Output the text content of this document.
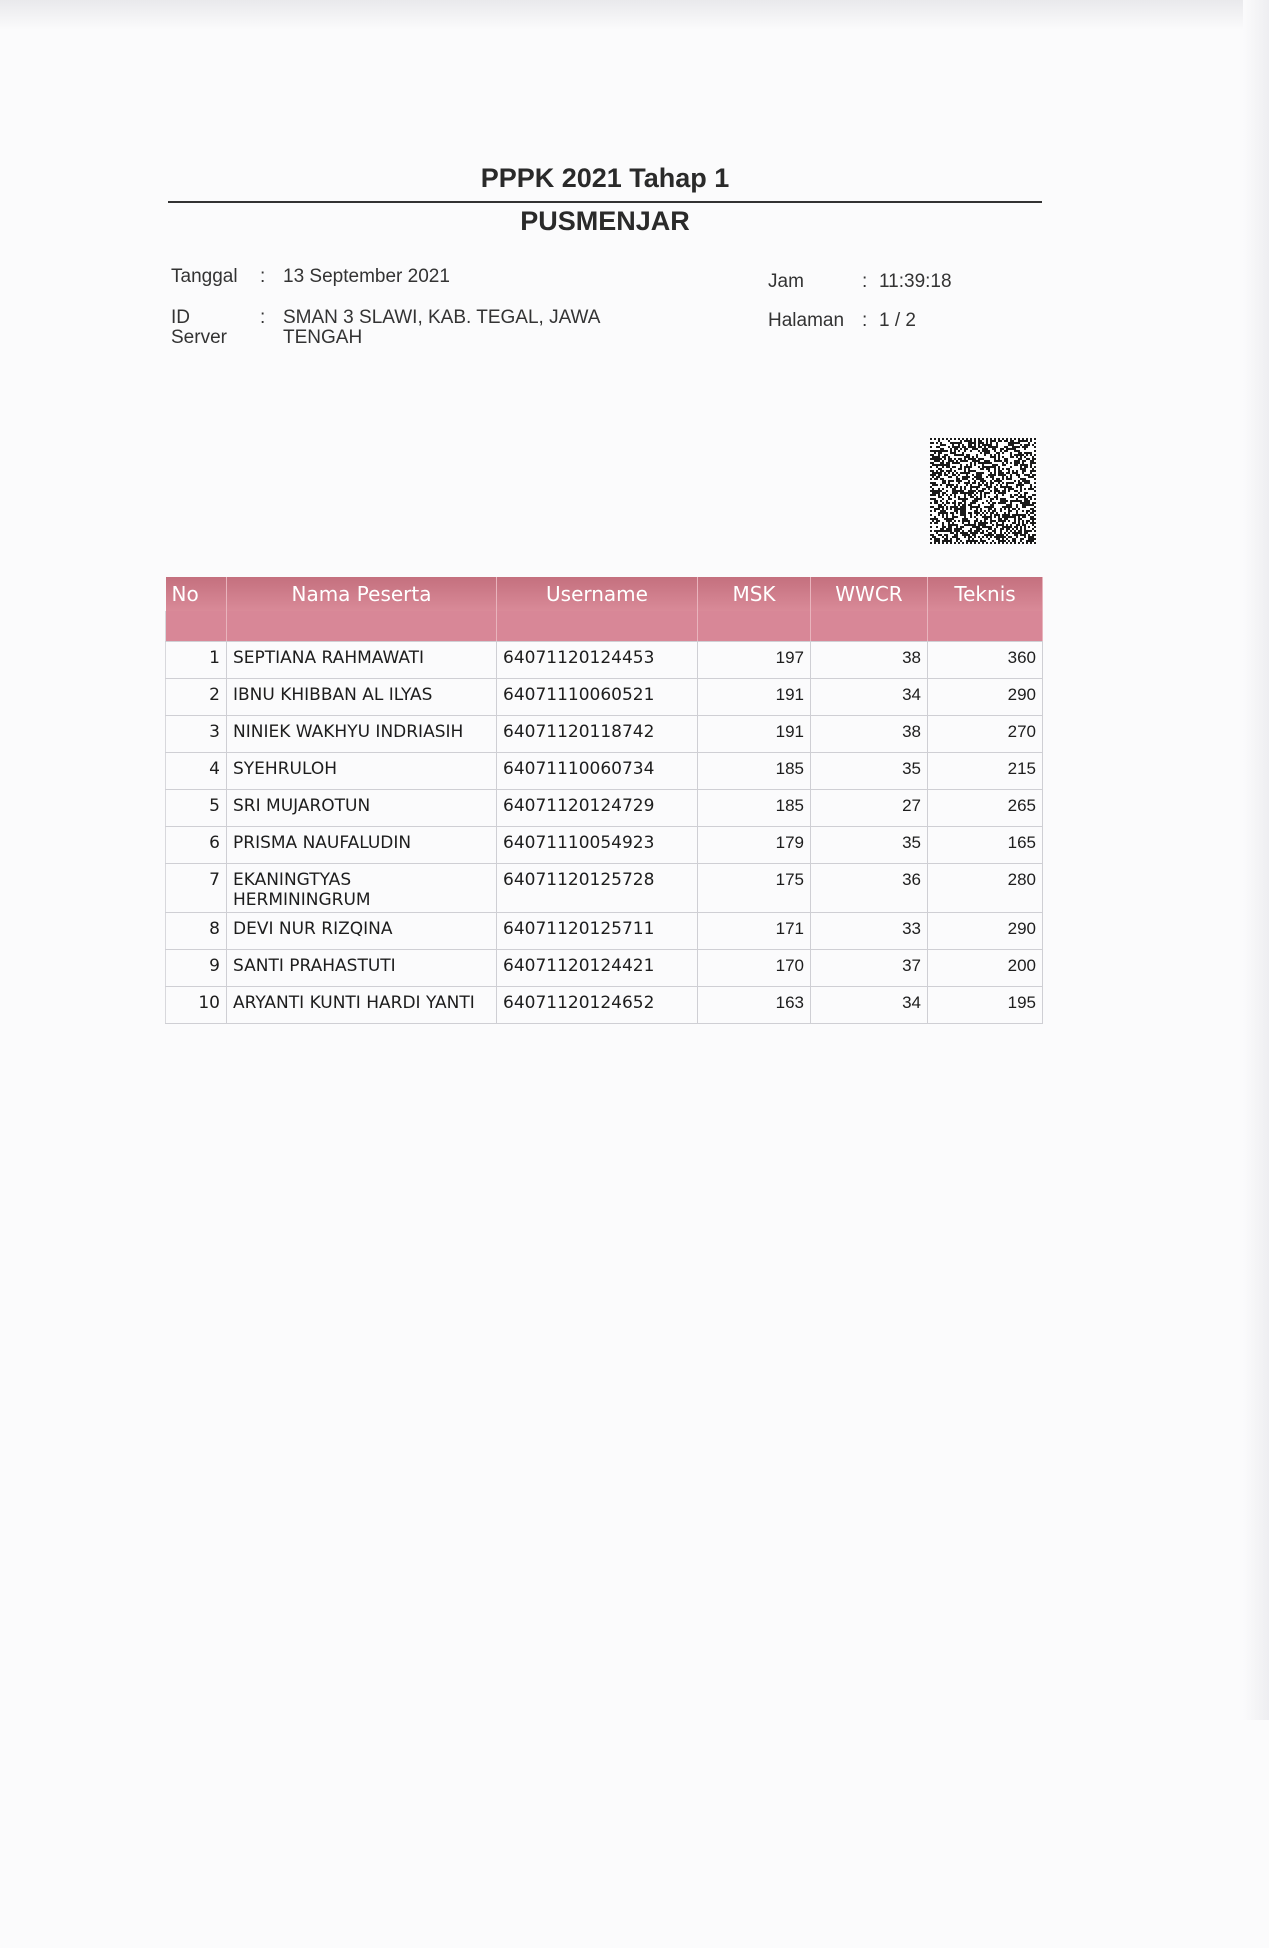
PPPK 2021 Tahap 1
PUSMENJAR
Tanggal : 13 September 2021
ID
Server
: SMAN 3 SLAWI, KAB. TEGAL, JAWA
TENGAH
Jam	: 11:39:18
Halaman : 1 / 2
No	Nama Peserta	Username	MSK	WWCR	Teknis

1	SEPTIANA RAHMAWATI	64071120124453	197	38	360
2	IBNU KHIBBAN AL ILYAS	64071110060521	191	34	290
3	NINIEK WAKHYU INDRIASIH	64071120118742	191	38	270
4	SYEHRULOH	64071110060734	185	35	215
5	SRI MUJAROTUN	64071120124729	185	27	265
6	PRISMA NAUFALUDIN	64071110054923	179	35	165
7	EKANINGTYAS HERMININGRUM	64071120125728	175	36	280
8	DEVI NUR RIZQINA	64071120125711	171	33	290
9	SANTI PRAHASTUTI	64071120124421	170	37	200
10	ARYANTI KUNTI HARDI YANTI	64071120124652	163	34	195
